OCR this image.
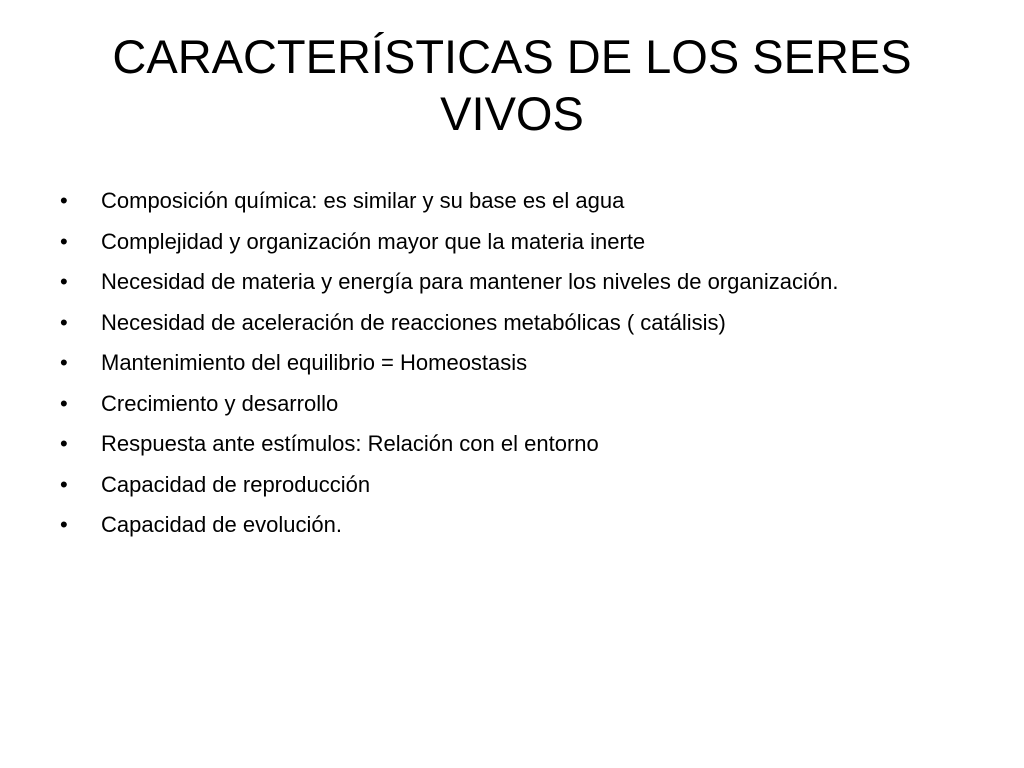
CARACTERÍSTICAS DE LOS SERES VIVOS
• Composición química: es similar y su base es el agua
• Complejidad y organización mayor que la materia inerte
• Necesidad de materia y energía para mantener los niveles de organización.
• Necesidad de aceleración de reacciones metabólicas ( catálisis)
• Mantenimiento del equilibrio = Homeostasis
• Crecimiento y desarrollo
• Respuesta ante estímulos: Relación con el entorno
• Capacidad de reproducción
• Capacidad de evolución.
